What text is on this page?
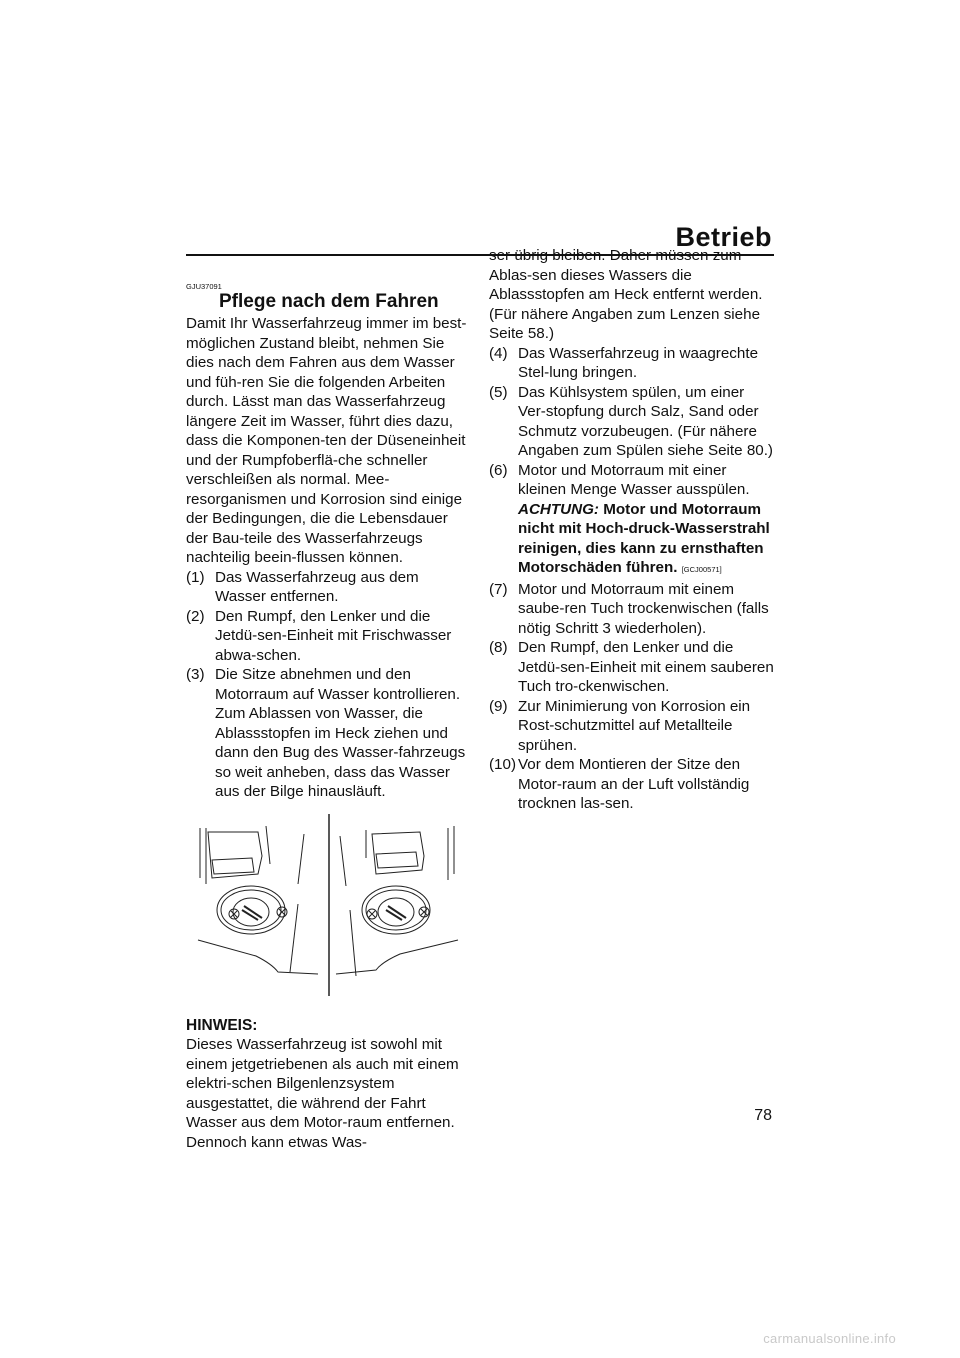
Betrieb
GJU37091
Pflege nach dem Fahren

Damit Ihr Wasserfahrzeug immer im best-möglichen Zustand bleibt, nehmen Sie dies nach dem Fahren aus dem Wasser und füh-ren Sie die folgenden Arbeiten durch. Lässt man das Wasserfahrzeug längere Zeit im Wasser, führt dies dazu, dass die Komponen-ten der Düseneinheit und der Rumpfoberflä-che schneller verschleißen als normal. Mee-resorganismen und Korrosion sind einige der Bedingungen, die die Lebensdauer der Bau-teile des Wasserfahrzeugs nachteilig beein-flussen können.

(1) Das Wasserfahrzeug aus dem Wasser entfernen.
(2) Den Rumpf, den Lenker und die Jetdü-sen-Einheit mit Frischwasser abwa-schen.
(3) Die Sitze abnehmen und den Motorraum auf Wasser kontrollieren. Zum Ablassen von Wasser, die Ablassstopfen im Heck ziehen und dann den Bug des Wasser-fahrzeugs so weit anheben, dass das Wasser aus der Bilge hinausläuft.
HINWEIS:

Dieses Wasserfahrzeug ist sowohl mit einem jetgetriebenen als auch mit einem elektri-schen Bilgenlenzsystem ausgestattet, die während der Fahrt Wasser aus dem Motor-raum entfernen. Dennoch kann etwas Was-

ser übrig bleiben. Daher müssen zum Ablas-sen dieses Wassers die Ablassstopfen am Heck entfernt werden. (Für nähere Angaben zum Lenzen siehe Seite 58.)

(4) Das Wasserfahrzeug in waagrechte Stel-lung bringen.
(5) Das Kühlsystem spülen, um einer Ver-stopfung durch Salz, Sand oder Schmutz vorzubeugen. (Für nähere Angaben zum Spülen siehe Seite 80.)
(6) Motor und Motorraum mit einer kleinen Menge Wasser ausspülen. ACHTUNG: Motor und Motorraum nicht mit Hoch-druck-Wasserstrahl reinigen, dies kann zu ernsthaften Motorschäden führen. [GCJ00571]
(7) Motor und Motorraum mit einem saube-ren Tuch trockenwischen (falls nötig Schritt 3 wiederholen).
(8) Den Rumpf, den Lenker und die Jetdü-sen-Einheit mit einem sauberen Tuch tro-ckenwischen.
(9) Zur Minimierung von Korrosion ein Rost-schutzmittel auf Metallteile sprühen.
(10) Vor dem Montieren der Sitze den Motor-raum an der Luft vollständig trocknen las-sen.
78
carmanualsonline.info
